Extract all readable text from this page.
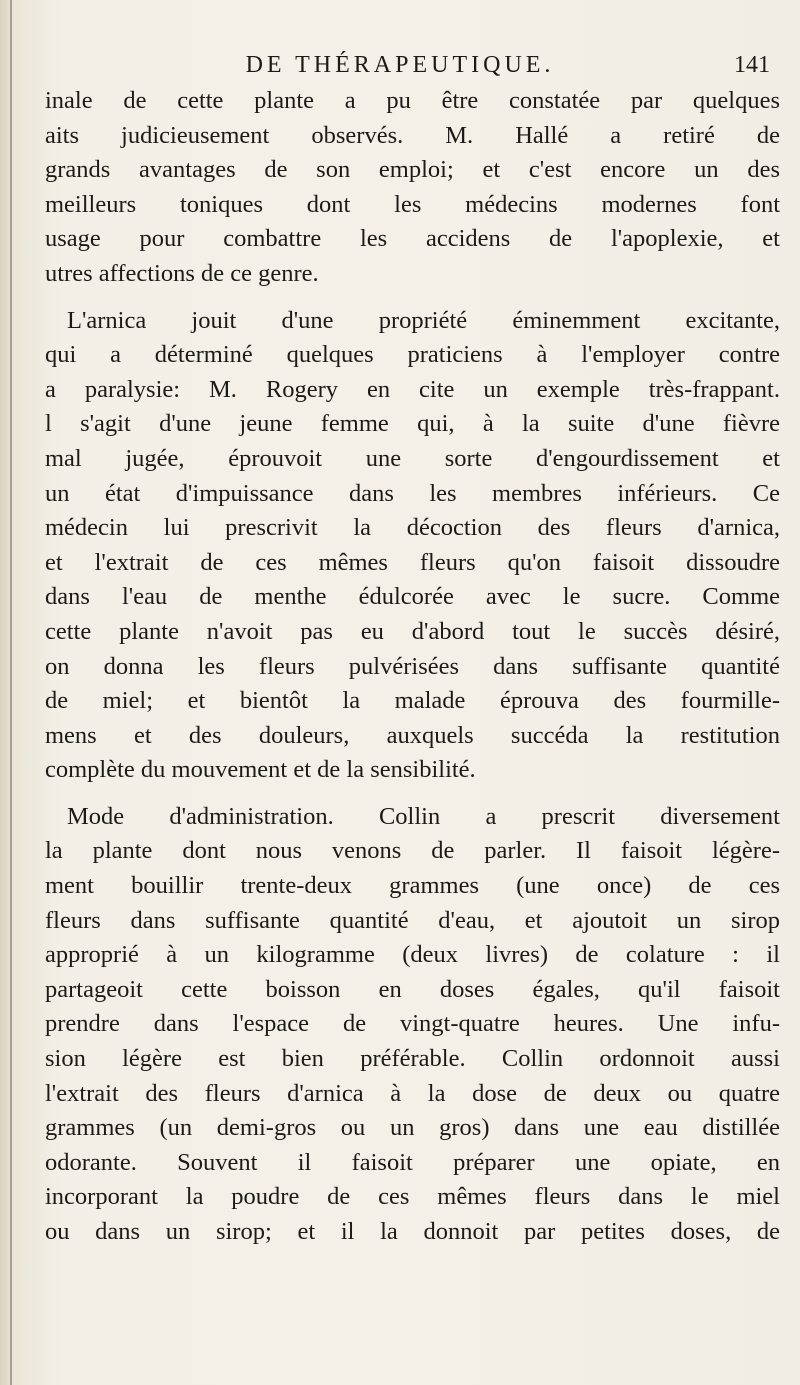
DE THÉRAPEUTIQUE.	141
inale de cette plante a pu être constatée par quelques
aits judicieusement observés. M. Hallé a retiré de
grands avantages de son emploi; et c'est encore un des
meilleurs toniques dont les médecins modernes font
usage pour combattre les accidens de l'apoplexie, et
utres affections de ce genre.
L'arnica jouit d'une propriété éminemment excitante,
qui a déterminé quelques praticiens à l'employer contre
a paralysie: M. Rogery en cite un exemple très-frappant.
l s'agit d'une jeune femme qui, à la suite d'une fièvre
mal jugée, éprouvoit une sorte d'engourdissement et
un état d'impuissance dans les membres inférieurs. Ce
médecin lui prescrivit la décoction des fleurs d'arnica,
et l'extrait de ces mêmes fleurs qu'on faisoit dissoudre
dans l'eau de menthe édulcorée avec le sucre. Comme
cette plante n'avoit pas eu d'abord tout le succès désiré,
on donna les fleurs pulvérisées dans suffisante quantité
de miel; et bientôt la malade éprouva des fourmille-
mens et des douleurs, auxquels succéda la restitution
complète du mouvement et de la sensibilité.
Mode d'administration. Collin a prescrit diversement
la plante dont nous venons de parler. Il faisoit légère-
ment bouillir trente-deux grammes (une once) de ces
fleurs dans suffisante quantité d'eau, et ajoutoit un sirop
approprié à un kilogramme (deux livres) de colature : il
partageoit cette boisson en doses égales, qu'il faisoit
prendre dans l'espace de vingt-quatre heures. Une infu-
sion légère est bien préférable. Collin ordonnoit aussi
l'extrait des fleurs d'arnica à la dose de deux ou quatre
grammes (un demi-gros ou un gros) dans une eau distillée
odorante. Souvent il faisoit préparer une opiate, en
incorporant la poudre de ces mêmes fleurs dans le miel
ou dans un sirop; et il la donnoit par petites doses, de
